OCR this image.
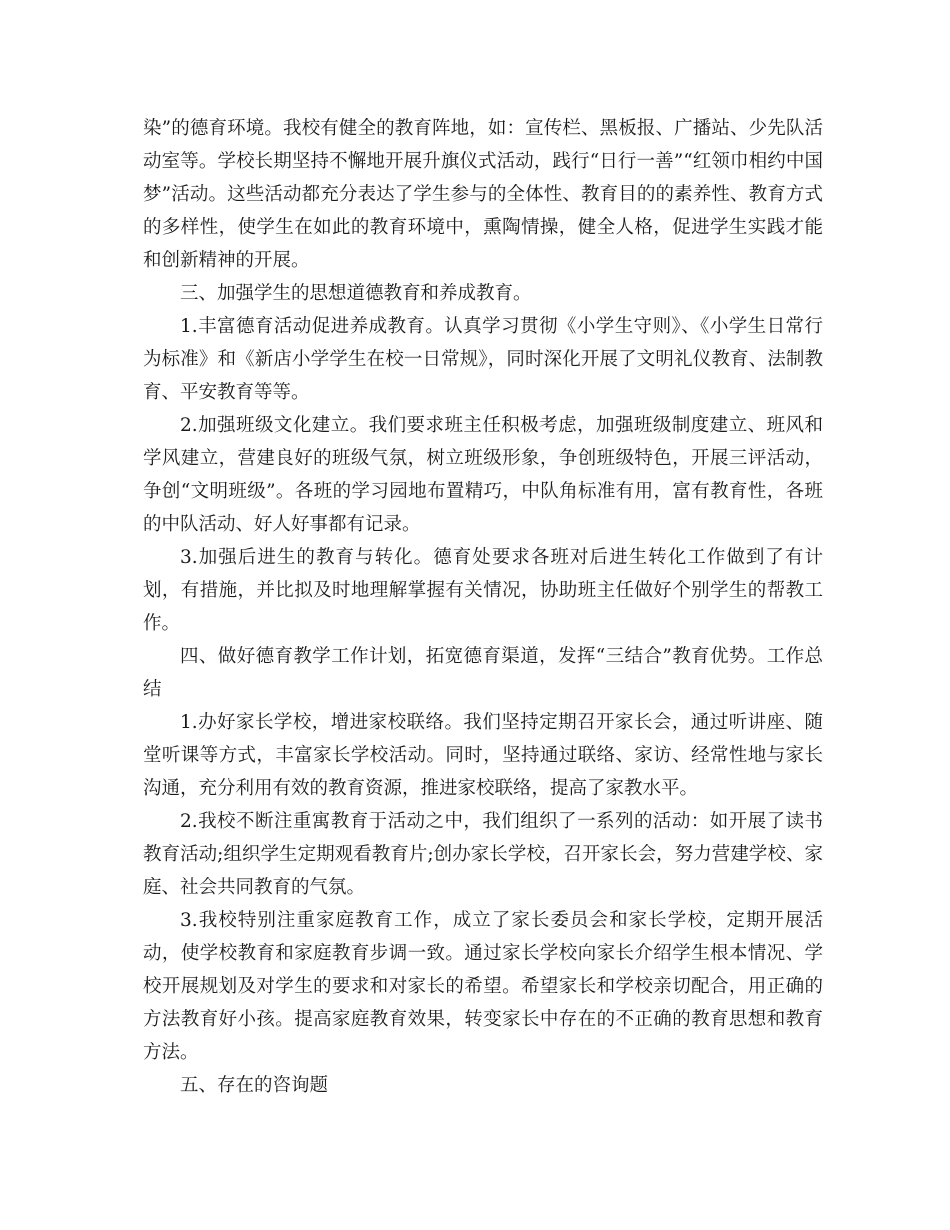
染”的德育环境。我校有健全的教育阵地，如：宣传栏、黑板报、广播站、少先队活动室等。学校长期坚持不懈地开展升旗仪式活动，践行“日行一善”“红领巾相约中国梦”活动。这些活动都充分表达了学生参与的全体性、教育目的的素养性、教育方式的多样性，使学生在如此的教育环境中，熏陶情操，健全人格，促进学生实践才能和创新精神的开展。

三、加强学生的思想道德教育和养成教育。

1.丰富德育活动促进养成教育。认真学习贯彻《小学生守则》、《小学生日常行为标准》和《新店小学学生在校一日常规》，同时深化开展了文明礼仪教育、法制教育、平安教育等等。

2.加强班级文化建立。我们要求班主任积极考虑，加强班级制度建立、班风和学风建立，营建良好的班级气氛，树立班级形象，争创班级特色，开展三评活动，争创“文明班级”。各班的学习园地布置精巧，中队角标准有用，富有教育性，各班的中队活动、好人好事都有记录。

3.加强后进生的教育与转化。德育处要求各班对后进生转化工作做到了有计划，有措施，并比拟及时地理解掌握有关情况，协助班主任做好个别学生的帮教工作。

四、做好德育教学工作计划，拓宽德育渠道，发挥“三结合”教育优势。工作总结

1.办好家长学校，增进家校联络。我们坚持定期召开家长会，通过听讲座、随堂听课等方式，丰富家长学校活动。同时，坚持通过联络、家访、经常性地与家长沟通，充分利用有效的教育资源，推进家校联络，提高了家教水平。

2.我校不断注重寓教育于活动之中，我们组织了一系列的活动：如开展了读书教育活动;组织学生定期观看教育片;创办家长学校，召开家长会，努力营建学校、家庭、社会共同教育的气氛。

3.我校特别注重家庭教育工作，成立了家长委员会和家长学校，定期开展活动，使学校教育和家庭教育步调一致。通过家长学校向家长介绍学生根本情况、学校开展规划及对学生的要求和对家长的希望。希望家长和学校亲切配合，用正确的方法教育好小孩。提高家庭教育效果，转变家长中存在的不正确的教育思想和教育方法。

五、存在的咨询题
